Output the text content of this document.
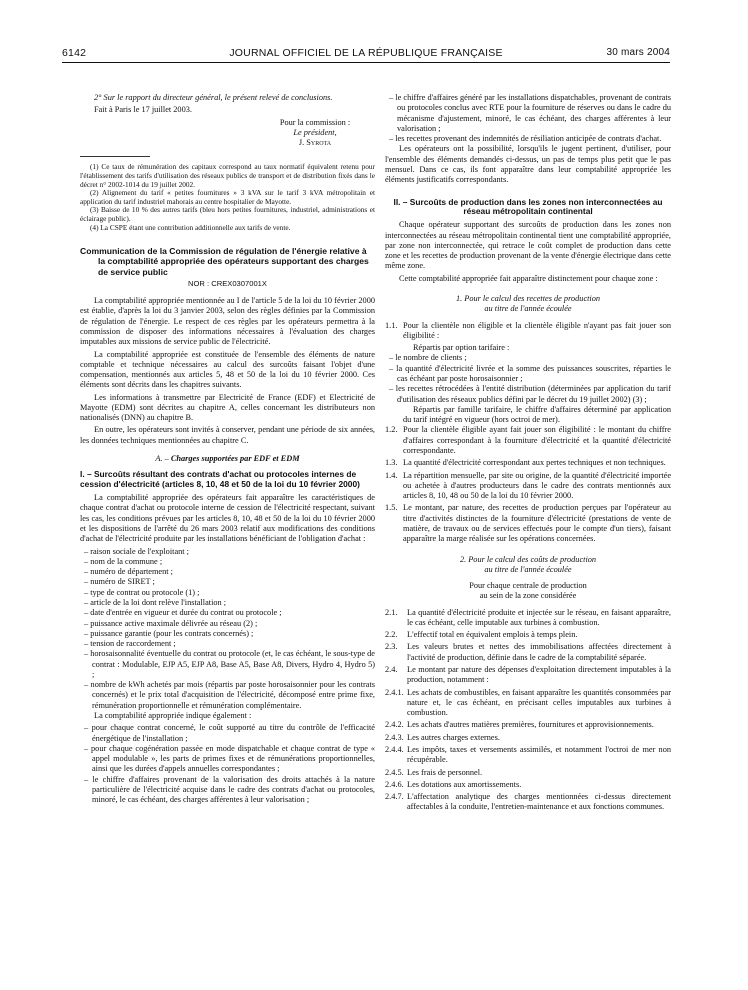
6142	JOURNAL OFFICIEL DE LA RÉPUBLIQUE FRANÇAISE	30 mars 2004

2° Sur le rapport du directeur général, le présent relevé de conclusions.

Fait à Paris le 17 juillet 2003.

Pour la commission :
Le président,
J. Syrota
(1) Ce taux de rémunération des capitaux correspond au taux normatif équivalent retenu pour l'établissement des tarifs d'utilisation des réseaux publics de transport et de distribution fixés dans le décret n° 2002-1014 du 19 juillet 2002.
(2) Alignement du tarif « petites fournitures » 3 kVA sur le tarif 3 kVA métropolitain et application du tarif industriel mahorais au centre hospitalier de Mayotte.
(3) Baisse de 10 % des autres tarifs (bleu hors petites fournitures, industriel, administrations et éclairage public).
(4) La CSPE étant une contribution additionnelle aux tarifs de vente.
Communication de la Commission de régulation de l'énergie relative à la comptabilité appropriée des opérateurs supportant des charges de service public
NOR : CREX0307001X

La comptabilité appropriée mentionnée au I de l'article 5 de la loi du 10 février 2000 est établie, d'après la loi du 3 janvier 2003, selon des règles définies par la Commission de régulation de l'énergie. Le respect de ces règles par les opérateurs permettra à la commission de disposer des informations nécessaires à l'évaluation des charges imputables aux missions de service public de l'électricité.

La comptabilité appropriée est constituée de l'ensemble des éléments de nature comptable et technique nécessaires au calcul des surcoûts faisant l'objet d'une compensation, mentionnés aux articles 5, 48 et 50 de la loi du 10 février 2000. Ces éléments sont décrits dans les chapitres suivants.

Les informations à transmettre par Electricité de France (EDF) et Electricité de Mayotte (EDM) sont décrites au chapitre A, celles concernant les distributeurs non nationalisés (DNN) au chapitre B.

En outre, les opérateurs sont invités à conserver, pendant une période de six années, les données techniques mentionnées au chapitre C.

A. – Charges supportées par EDF et EDM
I. – Surcoûts résultant des contrats d'achat ou protocoles internes de cession d'électricité (articles 8, 10, 48 et 50 de la loi du 10 février 2000)

La comptabilité appropriée des opérateurs fait apparaître les caractéristiques de chaque contrat d'achat ou protocole interne de cession de l'électricité respectant, suivant les cas, les conditions prévues par les articles 8, 10, 48 et 50 de la loi du 10 février 2000 et les dispositions de l'arrêté du 26 mars 2003 relatif aux modifications des conditions d'achat de l'électricité produite par les installations bénéficiant de l'obligation d'achat :

– raison sociale de l'exploitant ;
– nom de la commune ;
– numéro de département ;
– numéro de SIRET ;
– type de contrat ou protocole (1) ;
– article de la loi dont relève l'installation ;
– date d'entrée en vigueur et durée du contrat ou protocole ;
– puissance active maximale délivrée au réseau (2) ;
– puissance garantie (pour les contrats concernés) ;
– tension de raccordement ;
– horosaisonnalité éventuelle du contrat ou protocole (et, le cas échéant, le sous-type de contrat : Modulable, EJP A5, EJP A8, Base A5, Base A8, Divers, Hydro 4, Hydro 5) ;
– nombre de kWh achetés par mois (répartis par poste horosaisonnier pour les contrats concernés) et le prix total d'acquisition de l'électricité, décomposé entre prime fixe, rémunération proportionnelle et rémunération complémentaire.

La comptabilité appropriée indique également :

– pour chaque contrat concerné, le coût supporté au titre du contrôle de l'efficacité énergétique de l'installation ;
– pour chaque cogénération passée en mode dispatchable et chaque contrat de type « appel modulable », les parts de primes fixes et de rémunérations proportionnelles, ainsi que les durées d'appels annuelles correspondantes ;
– le chiffre d'affaires provenant de la valorisation des droits attachés à la nature particulière de l'électricité acquise dans le cadre des contrats d'achat ou protocoles, minoré, le cas échéant, des charges afférentes à leur valorisation ;
– le chiffre d'affaires généré par les installations dispatchables, provenant de contrats ou protocoles conclus avec RTE pour la fourniture de réserves ou dans le cadre du mécanisme d'ajustement, minoré, le cas échéant, des charges afférentes à leur valorisation ;
– les recettes provenant des indemnités de résiliation anticipée de contrats d'achat.

Les opérateurs ont la possibilité, lorsqu'ils le jugent pertinent, d'utiliser, pour l'ensemble des éléments demandés ci-dessus, un pas de temps plus petit que le pas mensuel. Dans ce cas, ils font apparaître dans leur comptabilité appropriée les éléments justificatifs correspondants.

II. – Surcoûts de production dans les zones non interconnectées au réseau métropolitain continental

Chaque opérateur supportant des surcoûts de production dans les zones non interconnectées au réseau métropolitain continental tient une comptabilité appropriée, par zone non interconnectée, qui retrace le coût complet de production dans cette zone et les recettes de production provenant de la vente d'énergie électrique dans cette même zone.

Cette comptabilité appropriée fait apparaître distinctement pour chaque zone :

1. Pour le calcul des recettes de production
au titre de l'année écoulée
1.1. Pour la clientèle non éligible et la clientèle éligible n'ayant pas fait jouer son éligibilité :

Répartis par option tarifaire :

– le nombre de clients ;
– la quantité d'électricité livrée et la somme des puissances souscrites, réparties le cas échéant par poste horosaisonnier ;
– les recettes rétrocédées à l'entité distribution (déterminées par application du tarif d'utilisation des réseaux publics défini par le décret du 19 juillet 2002) (3) ;

Répartis par famille tarifaire, le chiffre d'affaires déterminé par application du tarif intégré en vigueur (hors octroi de mer).

1.2. Pour la clientèle éligible ayant fait jouer son éligibilité : le montant du chiffre d'affaires correspondant à la fourniture d'électricité et la quantité d'électricité correspondante.
1.3. La quantité d'électricité correspondant aux pertes techniques et non techniques.
1.4. La répartition mensuelle, par site ou origine, de la quantité d'électricité importée ou achetée à d'autres producteurs dans le cadre des contrats mentionnés aux articles 8, 10, 48 ou 50 de la loi du 10 février 2000.
1.5. Le montant, par nature, des recettes de production perçues par l'opérateur au titre d'activités distinctes de la fourniture d'électricité (prestations de vente de matière, de travaux ou de services effectués pour le compte d'un tiers), faisant apparaître la marge réalisée sur les opérations concernées.
2. Pour le calcul des coûts de production
au titre de l'année écoulée
Pour chaque centrale de production
au sein de la zone considérée
2.1.	La quantité d'électricité produite et injectée sur le réseau, en faisant apparaître, le cas échéant, celle imputable aux turbines à combustion.
2.2.	L'effectif total en équivalent emplois à temps plein.
2.3.	Les valeurs brutes et nettes des immobilisations affectées directement à l'activité de production, définie dans le cadre de la comptabilité séparée.
2.4.	Le montant par nature des dépenses d'exploitation directement imputables à la production, notamment :
2.4.1. Les achats de combustibles, en faisant apparaître les quantités consommées par nature et, le cas échéant, en précisant celles imputables aux turbines à combustion.
2.4.2. Les achats d'autres matières premières, fournitures et approvisionnements.
2.4.3. Les autres charges externes.
2.4.4. Les impôts, taxes et versements assimilés, et notamment l'octroi de mer non récupérable.
2.4.5. Les frais de personnel.
2.4.6. Les dotations aux amortissements.
2.4.7. L'affectation analytique des charges mentionnées ci-dessus directement affectables à la conduite, l'entretien-maintenance et aux fonctions communes.
